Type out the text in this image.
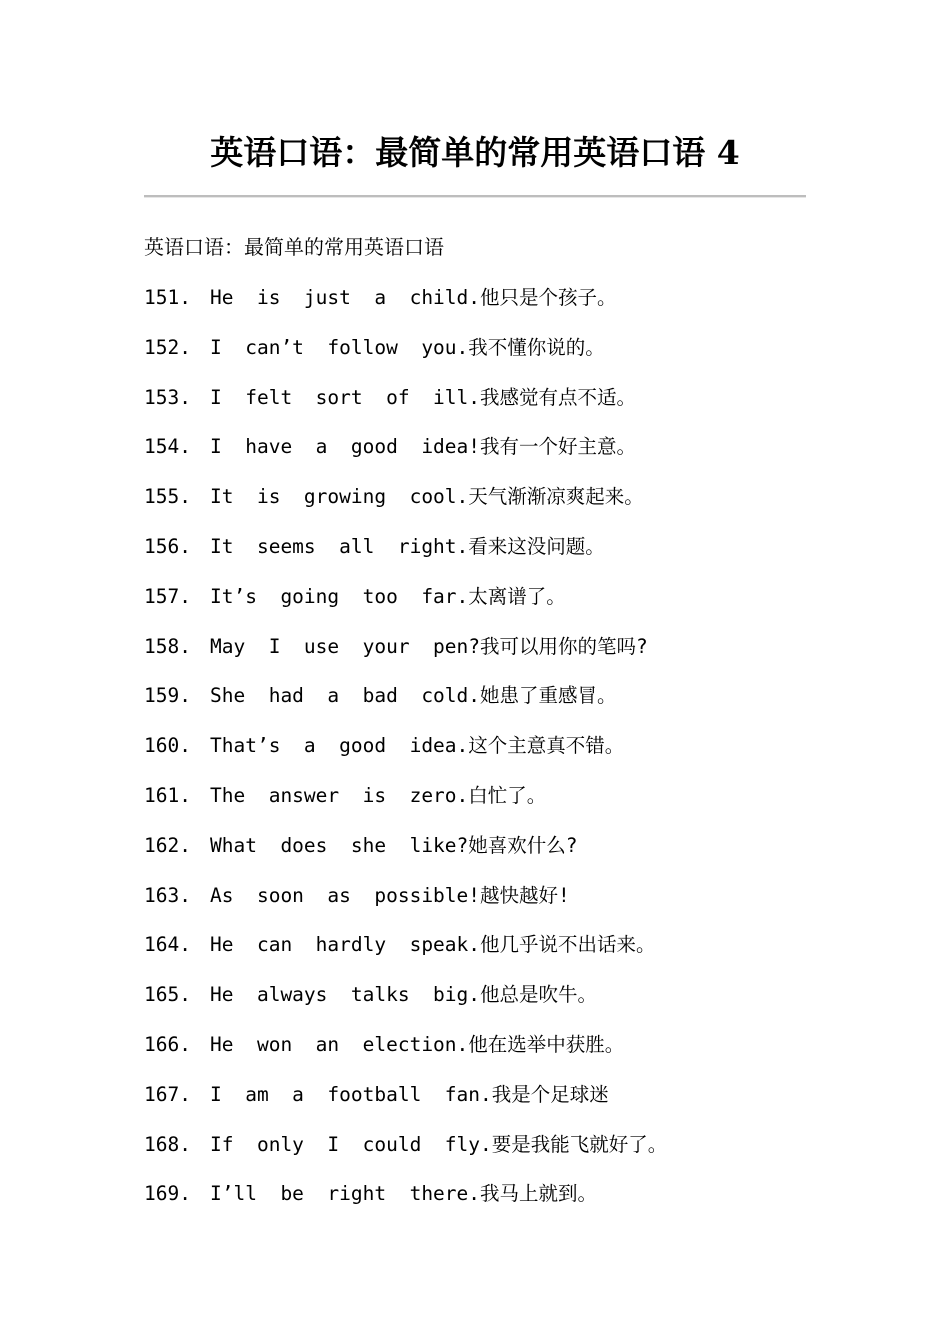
英语口语：最简单的常用英语口语 4
英语口语：最简单的常用英语口语
151. He  is  just  a  child.他只是个孩子。
152. I  can’t  follow  you.我不懂你说的。
153. I  felt  sort  of  ill.我感觉有点不适。
154. I  have  a  good  idea!我有一个好主意。
155. It  is  growing  cool.天气渐渐凉爽起来。
156. It  seems  all  right.看来这没问题。
157. It’s  going  too  far.太离谱了。
158. May  I  use  your  pen?我可以用你的笔吗?
159. She  had  a  bad  cold.她患了重感冒。
160. That’s  a  good  idea.这个主意真不错。
161. The  answer  is  zero.白忙了。
162. What  does  she  like?她喜欢什么?
163. As  soon  as  possible!越快越好!
164. He  can  hardly  speak.他几乎说不出话来。
165. He  always  talks  big.他总是吹牛。
166. He  won  an  election.他在选举中获胜。
167. I  am  a  football  fan.我是个足球迷
168. If  only  I  could  fly.要是我能飞就好了。
169. I’ll  be  right  there.我马上就到。
